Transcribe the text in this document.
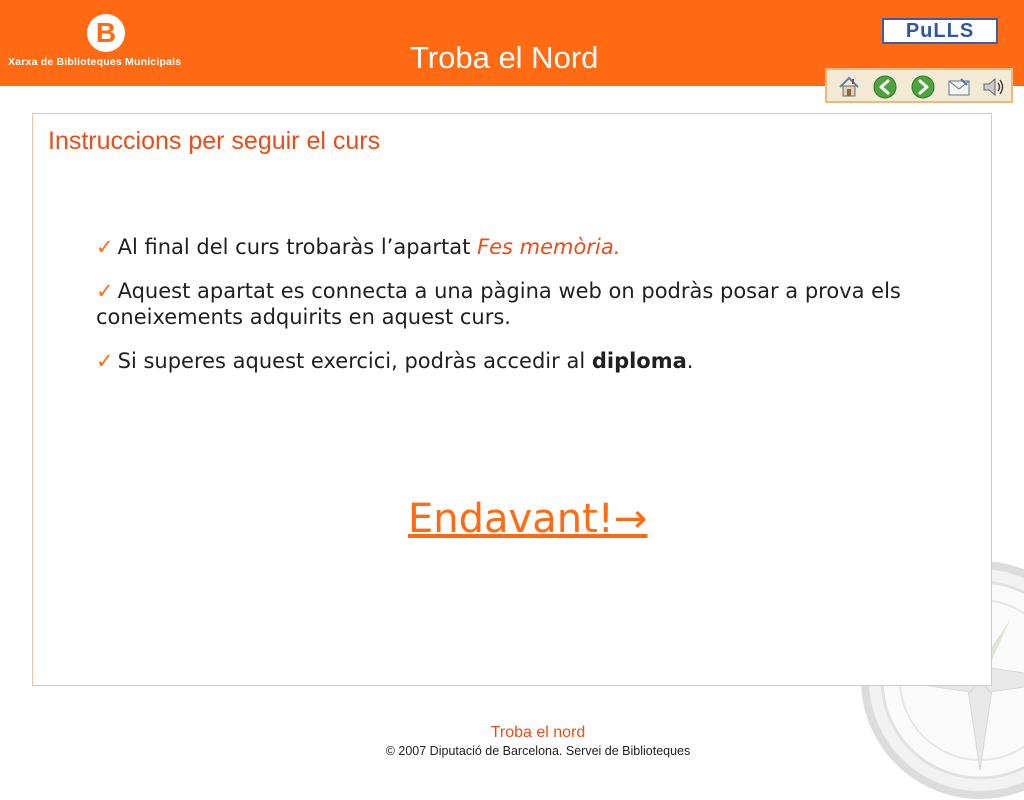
B
Xarxa de Biblioteques Municipals	Troba el Nord
PuLLS
Instruccions per seguir el curs

✓ Al final del curs trobaràs l’apartat Fes memòria.

✓ Aquest apartat es connecta a una pàgina web on podràs posar a prova els coneixements adquirits en aquest curs.

✓ Si superes aquest exercici, podràs accedir al diploma.

Endavant!→
Troba el nord
© 2007 Diputació de Barcelona. Servei de Biblioteques
